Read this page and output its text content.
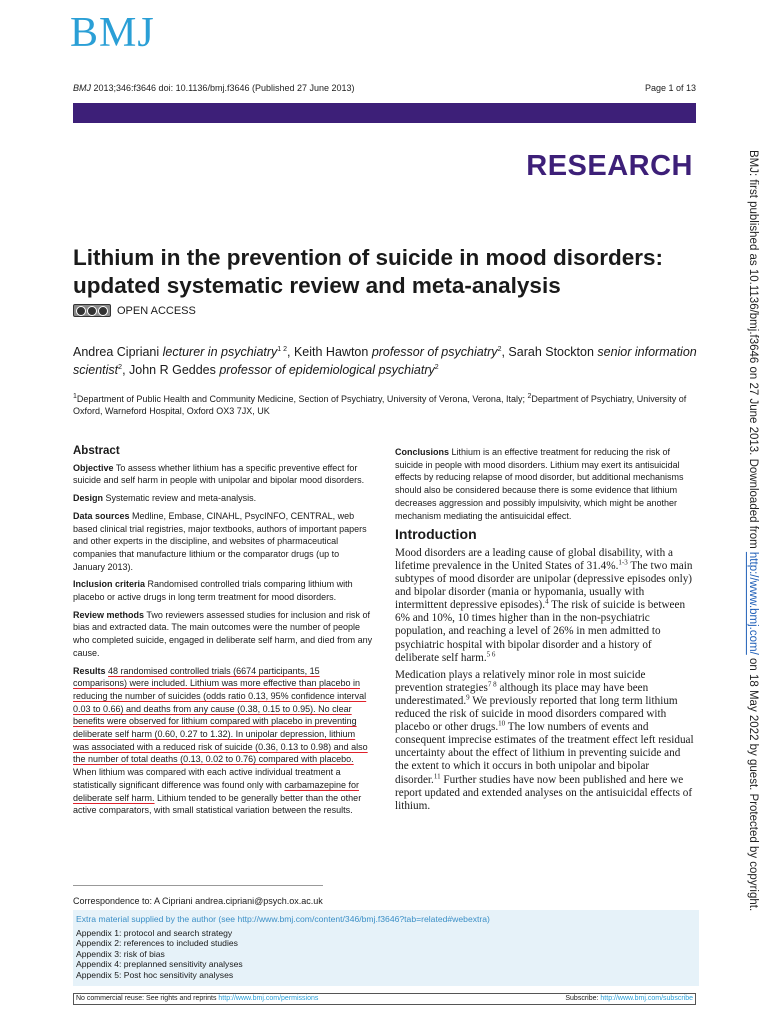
BMJ
BMJ 2013;346:f3646 doi: 10.1136/bmj.f3646 (Published 27 June 2013)	Page 1 of 13
RESEARCH	BMJ: first published as 10.1136/bmj.f3646 on 27 June 2013. Downloaded from http://www.bmj.com/ on 18 May 2022 by guest. Protected by copyright.
Lithium in the prevention of suicide in mood disorders: updated systematic review and meta-analysis
OPEN ACCESS
Andrea Cipriani lecturer in psychiatry$^{1 2}$, Keith Hawton professor of psychiatry$^2$, Sarah Stockton senior information scientist$^2$, John R Geddes professor of epidemiological psychiatry$^2$
$^1$Department of Public Health and Community Medicine, Section of Psychiatry, University of Verona, Verona, Italy; $^2$Department of Psychiatry, University of Oxford, Warneford Hospital, Oxford OX3 7JX, UK
Abstract

Objective To assess whether lithium has a specific preventive effect for suicide and self harm in people with unipolar and bipolar mood disorders.

Design Systematic review and meta-analysis.

Data sources Medline, Embase, CINAHL, PsycINFO, CENTRAL, web based clinical trial registries, major textbooks, authors of important papers and other experts in the discipline, and websites of pharmaceutical companies that manufacture lithium or the comparator drugs (up to January 2013).

Inclusion criteria Randomised controlled trials comparing lithium with placebo or active drugs in long term treatment for mood disorders.

Review methods Two reviewers assessed studies for inclusion and risk of bias and extracted data. The main outcomes were the number of people who completed suicide, engaged in deliberate self harm, and died from any cause.

Results 48 randomised controlled trials (6674 participants, 15 comparisons) were included. Lithium was more effective than placebo in reducing the number of suicides (odds ratio 0.13, 95% confidence interval 0.03 to 0.66) and deaths from any cause (0.38, 0.15 to 0.95). No clear benefits were observed for lithium compared with placebo in preventing deliberate self harm (0.60, 0.27 to 1.32). In unipolar depression, lithium was associated with a reduced risk of suicide (0.36, 0.13 to 0.98) and also the number of total deaths (0.13, 0.02 to 0.76) compared with placebo. When lithium was compared with each active individual treatment a statistically significant difference was found only with carbamazepine for deliberate self harm. Lithium tended to be generally better than the other active comparators, with small statistical variation between the results.

Conclusions Lithium is an effective treatment for reducing the risk of suicide in people with mood disorders. Lithium may exert its antisuicidal effects by reducing relapse of mood disorder, but additional mechanisms should also be considered because there is some evidence that lithium decreases aggression and possibly impulsivity, which might be another mechanism mediating the antisuicidal effect.

Introduction

Mood disorders are a leading cause of global disability, with a lifetime prevalence in the United States of 31.4%.$^{1-3}$ The two main subtypes of mood disorder are unipolar (depressive episodes only) and bipolar disorder (mania or hypomania, usually with intermittent depressive episodes).$^4$ The risk of suicide is between 6% and 10%, 10 times higher than in the non-psychiatric population, and reaching a level of 26% in men admitted to psychiatric hospital with bipolar disorder and a history of deliberate self harm.$^{5 6}$

Medication plays a relatively minor role in most suicide prevention strategies$^{7 8}$ although its place may have been underestimated.$^9$ We previously reported that long term lithium reduced the risk of suicide in mood disorders compared with placebo or other drugs.$^{10}$ The low numbers of events and consequent imprecise estimates of the treatment effect left residual uncertainty about the effect of lithium in preventing suicide and the extent to which it occurs in both unipolar and bipolar disorder.$^{11}$ Further studies have now been published and here we report updated and extended analyses on the antisuicidal effects of lithium.

Correspondence to: A Cipriani andrea.cipriani@psych.ox.ac.uk
Extra material supplied by the author (see http://www.bmj.com/content/346/bmj.f3646?tab=related#webextra)
Appendix 1: protocol and search strategy
Appendix 2: references to included studies
Appendix 3: risk of bias
Appendix 4: preplanned sensitivity analyses
Appendix 5: Post hoc sensitivity analyses
No commercial reuse: See rights and reprints http://www.bmj.com/permissions	Subscribe: http://www.bmj.com/subscribe
